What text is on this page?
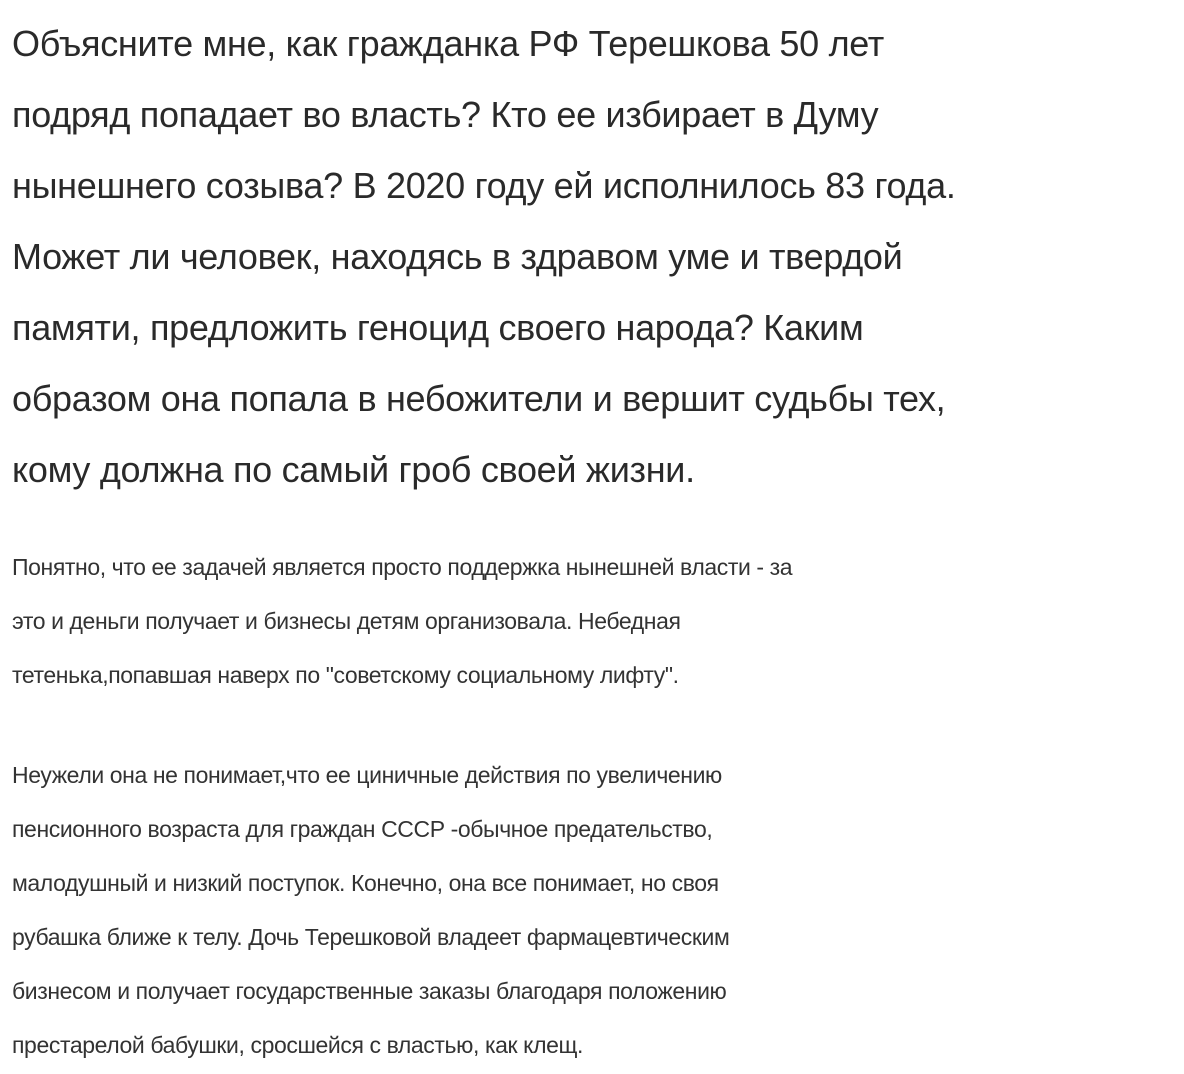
Объясните мне, как гражданка РФ Терешкова 50 лет
подряд попадает во власть? Кто ее избирает в Думу
нынешнего созыва? В 2020 году ей исполнилось 83 года.
Может ли человек, находясь в здравом уме и твердой
памяти, предложить геноцид своего народа? Каким
образом она попала в небожители и вершит судьбы тех,
кому должна по самый гроб своей жизни.
Понятно, что ее задачей является просто поддержка нынешней власти - за
это и деньги получает и бизнесы детям организовала. Небедная
тетенька,попавшая наверх по "советскому социальному лифту".
Неужели она не понимает,что ее циничные действия по увеличению
пенсионного возраста для граждан СССР -обычное предательство,
малодушный и низкий поступок. Конечно, она все понимает, но своя
рубашка ближе к телу. Дочь Терешковой владеет фармацевтическим
бизнесом и получает государственные заказы благодаря положению
престарелой бабушки, сросшейся с властью, как клещ.
